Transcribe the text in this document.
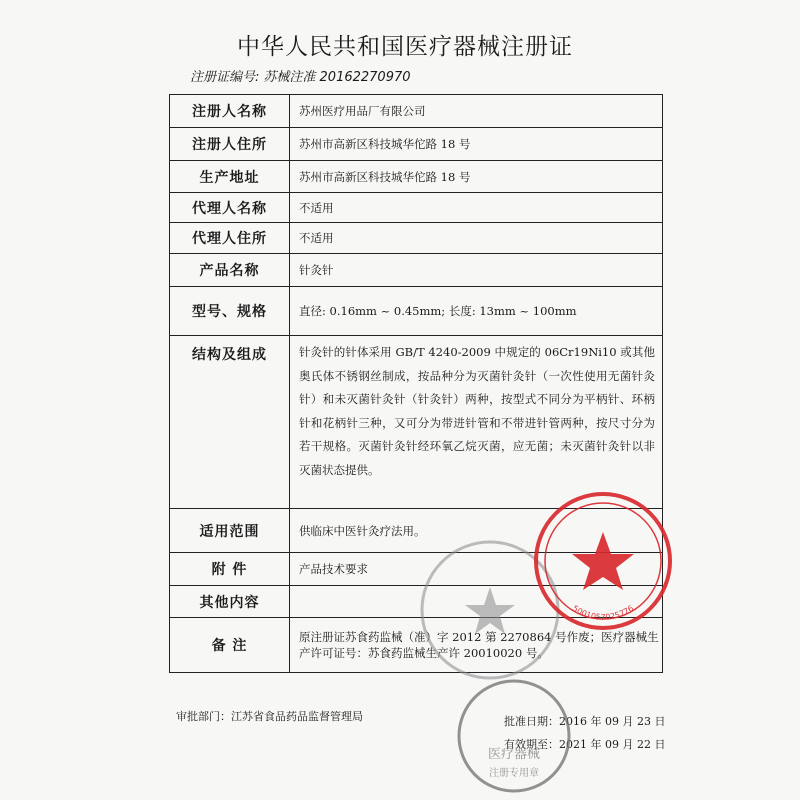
中华人民共和国医疗器械注册证
注册证编号: 苏械注准 20162270970
注册人名称	苏州医疗用品厂有限公司
注册人住所	苏州市高新区科技城华佗路 18 号
生产地址	苏州市高新区科技城华佗路 18 号
代理人名称	不适用
代理人住所	不适用
产品名称	针灸针
型号、规格	直径: 0.16mm ~ 0.45mm; 长度: 13mm ~ 100mm
结构及组成	针灸针的针体采用 GB/T 4240-2009 中规定的 06Cr19Ni10 或其他奥氏体不锈钢丝制成，按品种分为灭菌针灸针（一次性使用无菌针灸针）和未灭菌针灸针（针灸针）两种，按型式不同分为平柄针、环柄针和花柄针三种，又可分为带进针管和不带进针管两种，按尺寸分为若干规格。灭菌针灸针经环氧乙烷灭菌，应无菌；未灭菌针灸针以非灭菌状态提供。
适用范围	供临床中医针灸疗法用。
附 件	产品技术要求
其他内容	
备 注	原注册证苏食药监械（准）字 2012 第 2270864 号作废；医疗器械生产许可证号：苏食药监械生产许 20010020 号。
审批部门：江苏省食品药品监督管理局	批准日期：2016 年 09 月 23 日
有效期至：2021 年 09 月 22 日
5001057025776
医疗器械
注册专用章
